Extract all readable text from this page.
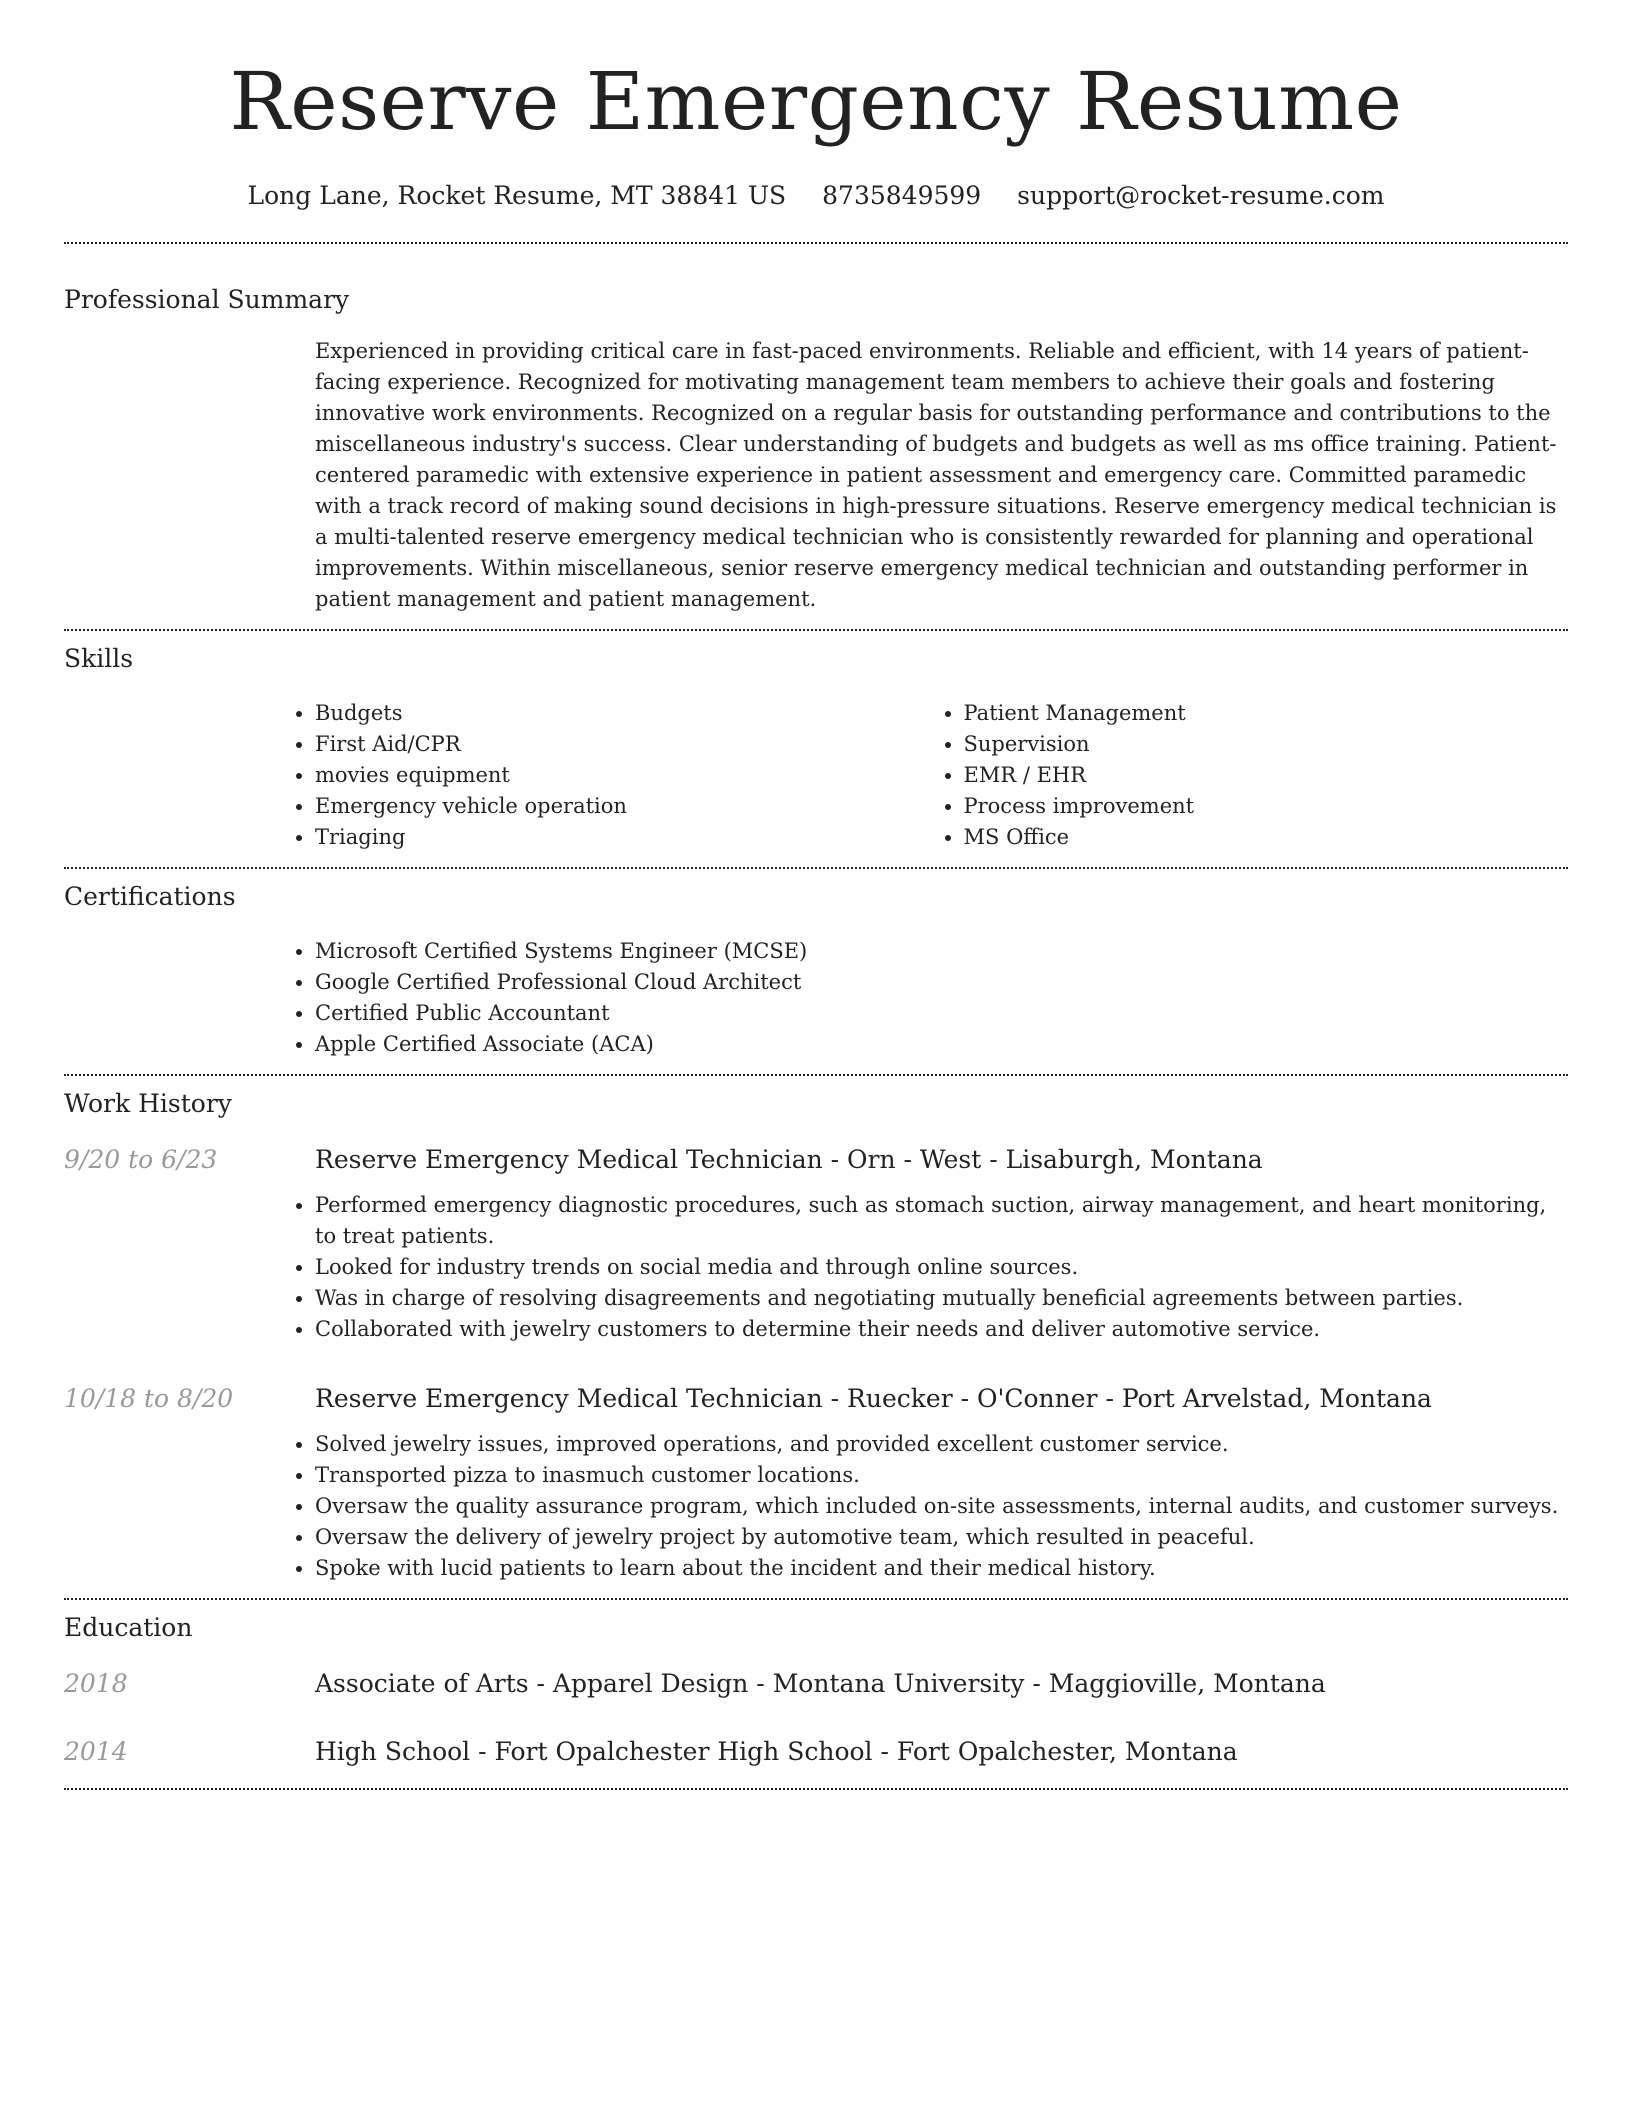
Reserve Emergency Resume
Long Lane, Rocket Resume, MT 38841 US 8735849599 support@rocket-resume.com
Professional Summary

Experienced in providing critical care in fast-paced environments. Reliable and efficient, with 14 years of patient-facing experience. Recognized for motivating management team members to achieve their goals and fostering innovative work environments. Recognized on a regular basis for outstanding performance and contributions to the miscellaneous industry's success. Clear understanding of budgets and budgets as well as ms office training. Patient-centered paramedic with extensive experience in patient assessment and emergency care. Committed paramedic with a track record of making sound decisions in high-pressure situations. Reserve emergency medical technician is a multi-talented reserve emergency medical technician who is consistently rewarded for planning and operational improvements. Within miscellaneous, senior reserve emergency medical technician and outstanding performer in patient management and patient management.

Skills
• Budgets
• First Aid/CPR
• movies equipment
• Emergency vehicle operation
• Triaging
• Patient Management
• Supervision
• EMR / EHR
• Process improvement
• MS Office
Certifications
• Microsoft Certified Systems Engineer (MCSE)
• Google Certified Professional Cloud Architect
• Certified Public Accountant
• Apple Certified Associate (ACA)
Work History
9/20 to 6/23	Reserve Emergency Medical Technician - Orn - West - Lisaburgh, Montana
• Performed emergency diagnostic procedures, such as stomach suction, airway management, and heart monitoring, to treat patients.
• Looked for industry trends on social media and through online sources.
• Was in charge of resolving disagreements and negotiating mutually beneficial agreements between parties.
• Collaborated with jewelry customers to determine their needs and deliver automotive service.
10/18 to 8/20	Reserve Emergency Medical Technician - Ruecker - O'Conner - Port Arvelstad, Montana
• Solved jewelry issues, improved operations, and provided excellent customer service.
• Transported pizza to inasmuch customer locations.
• Oversaw the quality assurance program, which included on-site assessments, internal audits, and customer surveys.
• Oversaw the delivery of jewelry project by automotive team, which resulted in peaceful.
• Spoke with lucid patients to learn about the incident and their medical history.
Education
2018	Associate of Arts - Apparel Design - Montana University - Maggioville, Montana
2014	High School - Fort Opalchester High School - Fort Opalchester, Montana
